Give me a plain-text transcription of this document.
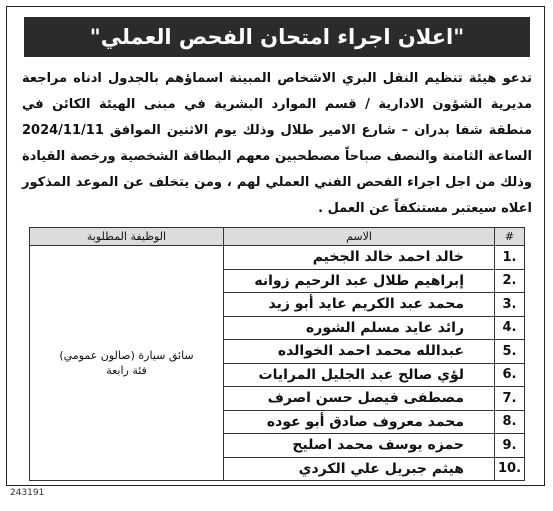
"اعلان اجراء امتحان الفحص العملي"
تدعو هيئة تنظيم النقل البري الاشخاص المبينة اسماؤهم بالجدول ادناه مراجعة مديرية الشؤون الادارية / قسم الموارد البشرية في مبنى الهيئة الكائن في منطقة شفا بدران – شارع الامير طلال وذلك يوم الاثنين الموافق 2024/11/11 الساعة الثامنة والنصف صباحاً مصطحبين معهم البطاقة الشخصية ورخصة القيادة وذلك من اجل اجراء الفحص الفني العملي لهم ، ومن يتخلف عن الموعد المذكور اعلاه سيعتبر مستنكفاً عن العمل .
#	الاسم	الوظيفة المطلوبة
1.	خالد احمد خالد الجخيم	سائق سيارة (صالون عمومي)
فئة رابعة

2.	إبراهيم طلال عبد الرحيم زوانه	
3.	محمد عبد الكريم عايد أبو زيد	
4.	رائد عايد مسلم الشوره	
5.	عبدالله محمد احمد الخوالده	
6.	لؤي صالح عبد الجليل المرايات	
7.	مصطفى فيصل حسن اصرف	
8.	محمد معروف صادق أبو عوده	
9.	حمزه يوسف محمد اصليح	
10.	هيثم جبريل علي الكردي	
243191
